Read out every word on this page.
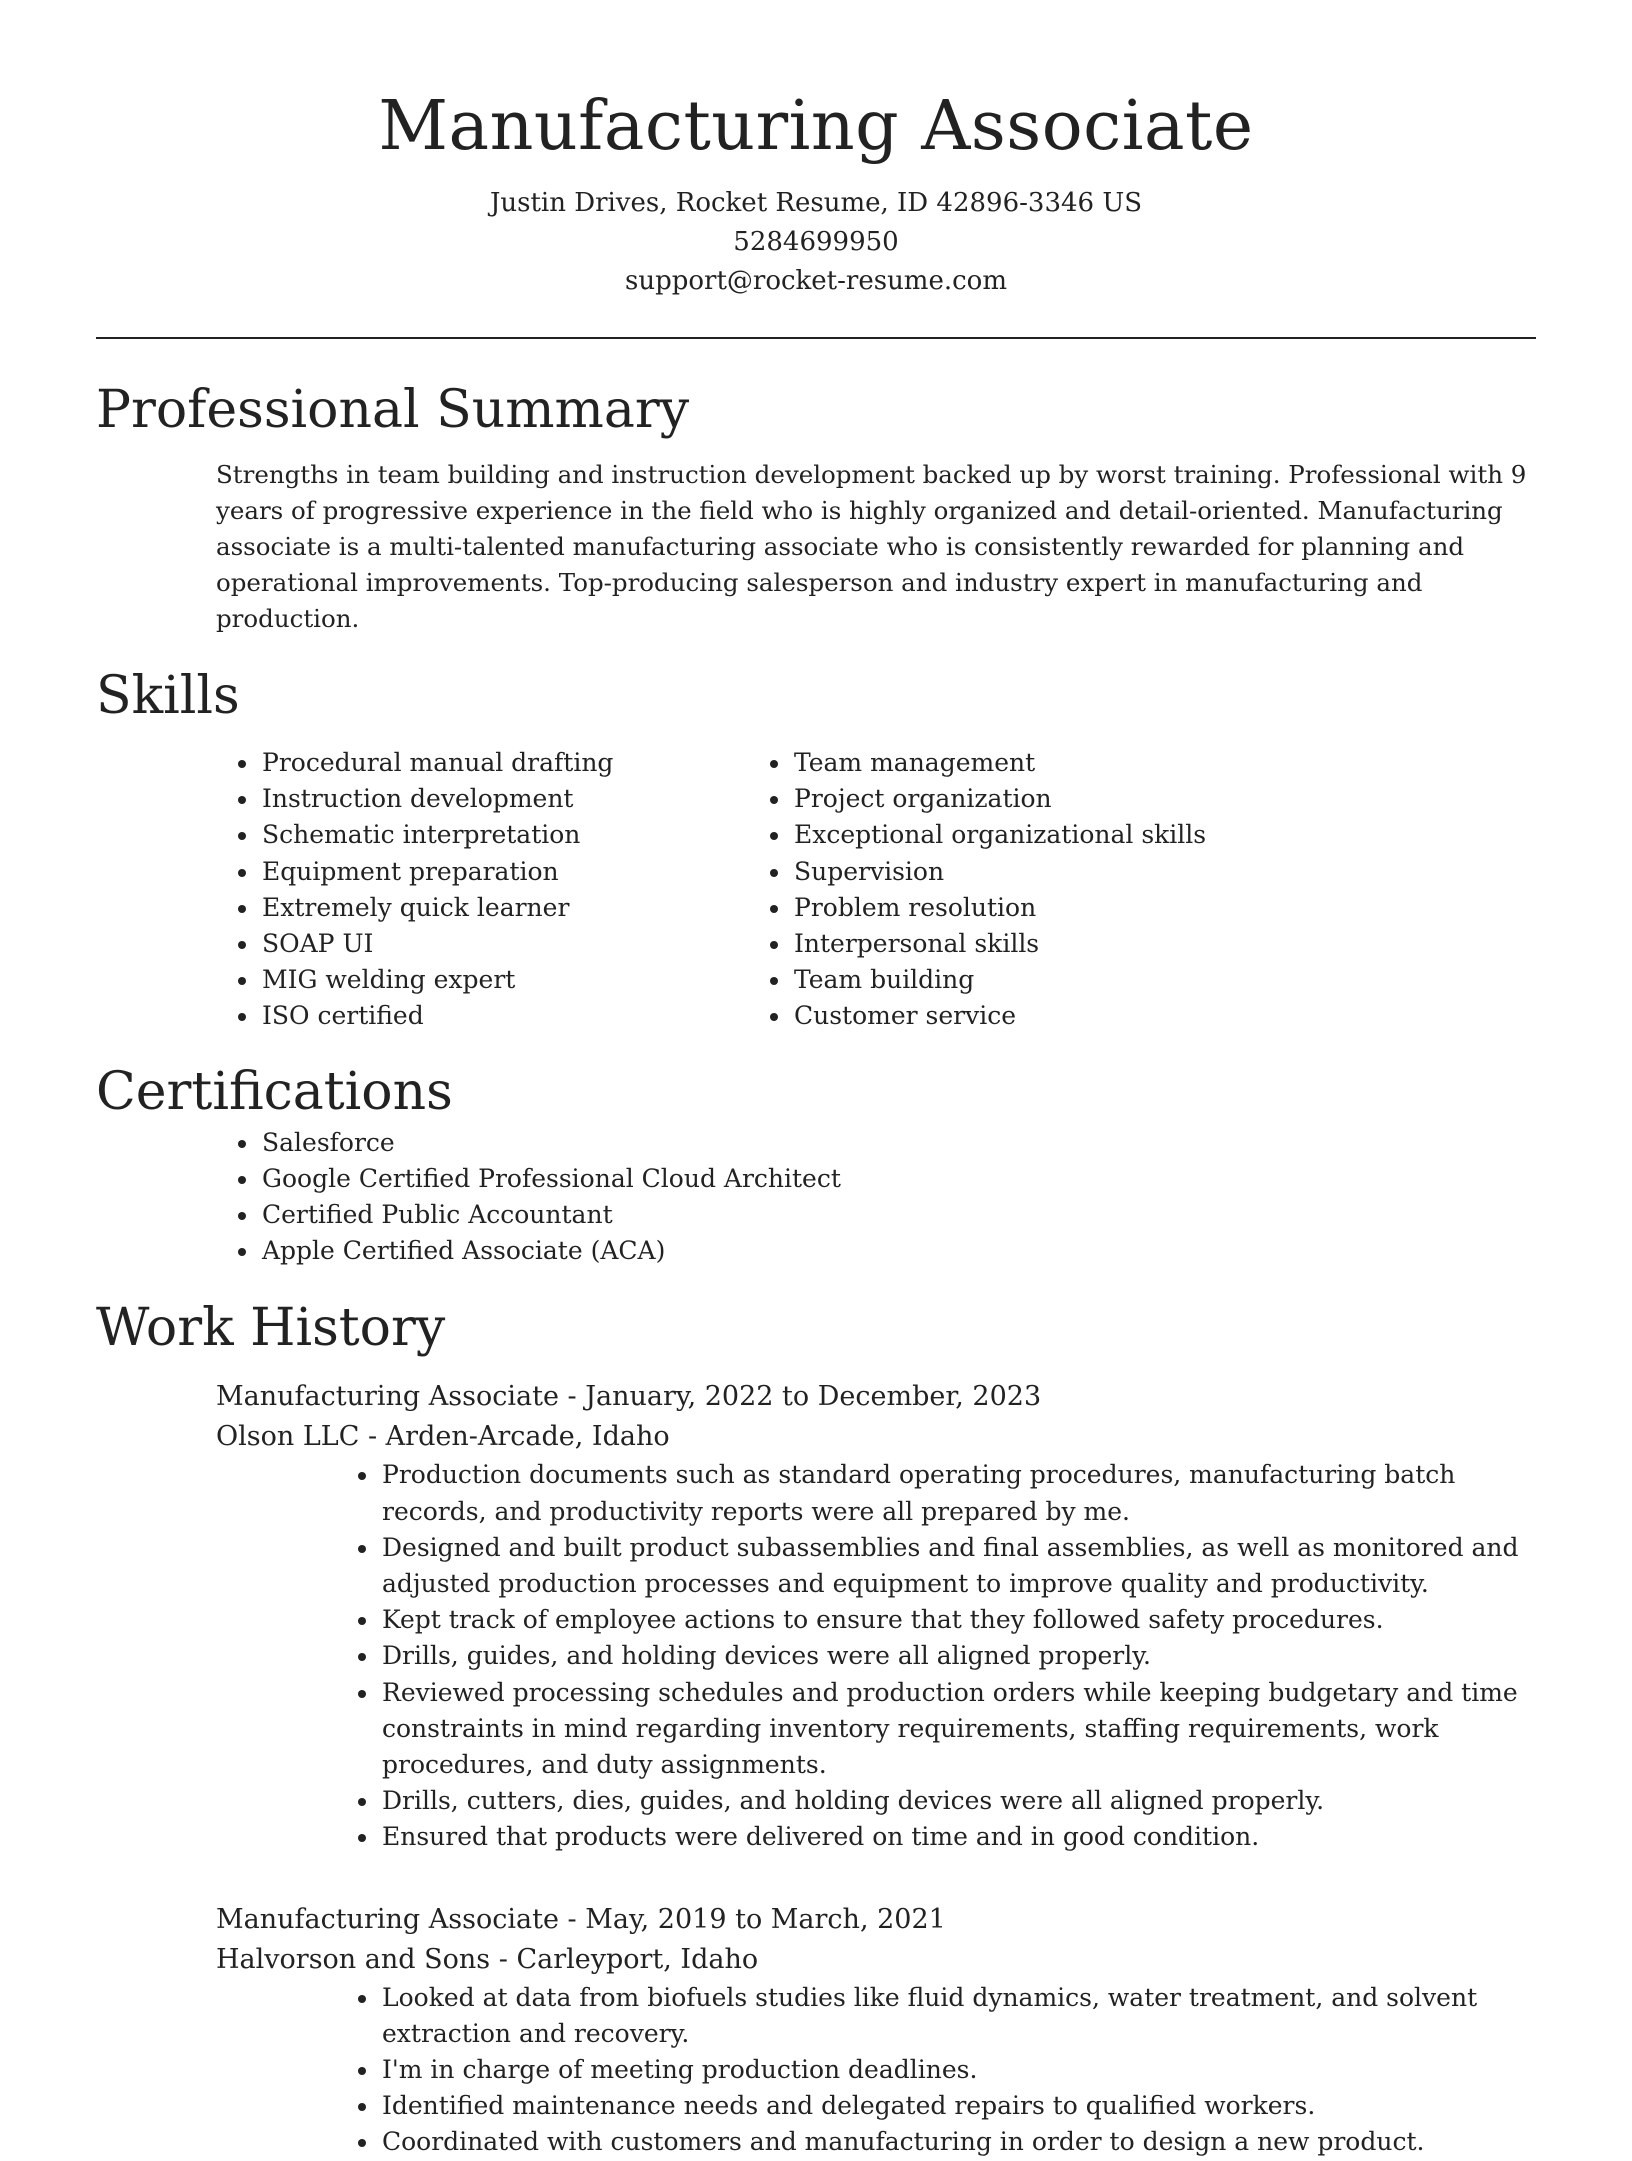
Manufacturing Associate

Justin Drives, Rocket Resume, ID 42896-3346 US

5284699950

support@rocket-resume.com

Professional Summary

Strengths in team building and instruction development backed up by worst training. Professional with 9 years of progressive experience in the field who is highly organized and detail-oriented. Manufacturing associate is a multi-talented manufacturing associate who is consistently rewarded for planning and operational improvements. Top-producing salesperson and industry expert in manufacturing and production.

Skills
• Procedural manual drafting
• Instruction development
• Schematic interpretation
• Equipment preparation
• Extremely quick learner
• SOAP UI
• MIG welding expert
• ISO certified
• Team management
• Project organization
• Exceptional organizational skills
• Supervision
• Problem resolution
• Interpersonal skills
• Team building
• Customer service
Certifications
• Salesforce
• Google Certified Professional Cloud Architect
• Certified Public Accountant
• Apple Certified Associate (ACA)
Work History

Manufacturing Associate - January, 2022 to December, 2023

Olson LLC - Arden-Arcade, Idaho

• Production documents such as standard operating procedures, manufacturing batch records, and productivity reports were all prepared by me.
• Designed and built product subassemblies and final assemblies, as well as monitored and adjusted production processes and equipment to improve quality and productivity.
• Kept track of employee actions to ensure that they followed safety procedures.
• Drills, guides, and holding devices were all aligned properly.
• Reviewed processing schedules and production orders while keeping budgetary and time constraints in mind regarding inventory requirements, staffing requirements, work procedures, and duty assignments.
• Drills, cutters, dies, guides, and holding devices were all aligned properly.
• Ensured that products were delivered on time and in good condition.

Manufacturing Associate - May, 2019 to March, 2021

Halvorson and Sons - Carleyport, Idaho

• Looked at data from biofuels studies like fluid dynamics, water treatment, and solvent extraction and recovery.
• I'm in charge of meeting production deadlines.
• Identified maintenance needs and delegated repairs to qualified workers.
• Coordinated with customers and manufacturing in order to design a new product.
